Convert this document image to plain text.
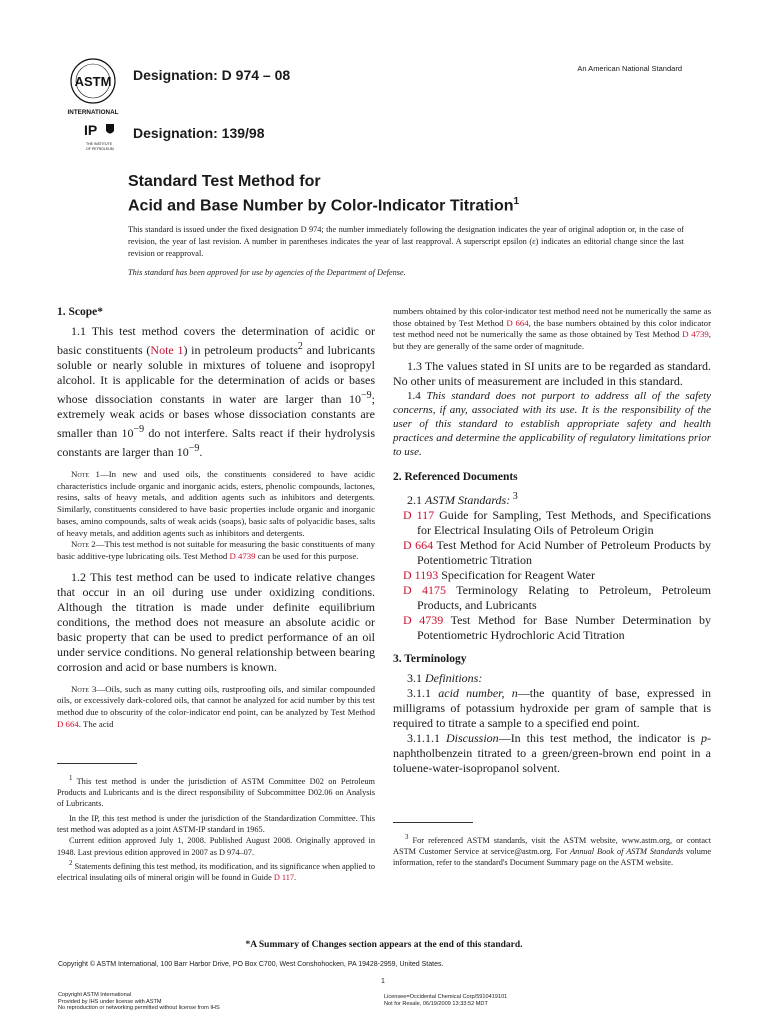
ASTM
INTERNATIONAL
Designation: D 974 – 08	An American National Standard
IP
THE INSTITUTE
OF PETROLEUM
Designation: 139/98
Standard Test Method for
Acid and Base Number by Color-Indicator Titration$^1$

This standard is issued under the fixed designation D 974; the number immediately following the designation indicates the year of original adoption or, in the case of revision, the year of last revision. A number in parentheses indicates the year of last reapproval. A superscript epsilon (ε) indicates an editorial change since the last revision or reapproval.

This standard has been approved for use by agencies of the Department of Defense.

1. Scope*

1.1 This test method covers the determination of acidic or basic constituents (Note 1) in petroleum products$^2$ and lubricants soluble or nearly soluble in mixtures of toluene and isopropyl alcohol. It is applicable for the determination of acids or bases whose dissociation constants in water are larger than $10^{-9}$; extremely weak acids or bases whose dissociation constants are smaller than $10^{-9}$ do not interfere. Salts react if their hydrolysis constants are larger than $10^{-9}$.

Note 1—In new and used oils, the constituents considered to have acidic characteristics include organic and inorganic acids, esters, phenolic compounds, lactones, resins, salts of heavy metals, and addition agents such as inhibitors and detergents. Similarly, constituents considered to have basic properties include organic and inorganic bases, amino compounds, salts of weak acids (soaps), basic salts of polyacidic bases, salts of heavy metals, and addition agents such as inhibitors and detergents.

Note 2—This test method is not suitable for measuring the basic constituents of many basic additive-type lubricating oils. Test Method D 4739 can be used for this purpose.

1.2 This test method can be used to indicate relative changes that occur in an oil during use under oxidizing conditions. Although the titration is made under definite equilibrium conditions, the method does not measure an absolute acidic or basic property that can be used to predict performance of an oil under service conditions. No general relationship between bearing corrosion and acid or base numbers is known.

Note 3—Oils, such as many cutting oils, rustproofing oils, and similar compounded oils, or excessively dark-colored oils, that cannot be analyzed for acid number by this test method due to obscurity of the color-indicator end point, can be analyzed by Test Method D 664. The acid

$^1$ This test method is under the jurisdiction of ASTM Committee D02 on Petroleum Products and Lubricants and is the direct responsibility of Subcommittee D02.06 on Analysis of Lubricants.

In the IP, this test method is under the jurisdiction of the Standardization Committee. This test method was adopted as a joint ASTM-IP standard in 1965.

Current edition approved July 1, 2008. Published August 2008. Originally approved in 1948. Last previous edition approved in 2007 as D 974–07.

$^2$ Statements defining this test method, its modification, and its significance when applied to electrical insulating oils of mineral origin will be found in Guide D 117.

numbers obtained by this color-indicator test method need not be numerically the same as those obtained by Test Method D 664, the base numbers obtained by this color indicator test method need not be numerically the same as those obtained by Test Method D 4739, but they are generally of the same order of magnitude.

1.3 The values stated in SI units are to be regarded as standard. No other units of measurement are included in this standard.

1.4 This standard does not purport to address all of the safety concerns, if any, associated with its use. It is the responsibility of the user of this standard to establish appropriate safety and health practices and determine the applicability of regulatory limitations prior to use.

2. Referenced Documents

2.1 ASTM Standards: $^3$

D 117 Guide for Sampling, Test Methods, and Specifications for Electrical Insulating Oils of Petroleum Origin

D 664 Test Method for Acid Number of Petroleum Products by Potentiometric Titration

D 1193 Specification for Reagent Water

D 4175 Terminology Relating to Petroleum, Petroleum Products, and Lubricants

D 4739 Test Method for Base Number Determination by Potentiometric Hydrochloric Acid Titration

3. Terminology

3.1 Definitions:

3.1.1 acid number, n—the quantity of base, expressed in milligrams of potassium hydroxide per gram of sample that is required to titrate a sample to a specified end point.

3.1.1.1 Discussion—In this test method, the indicator is p-naphtholbenzein titrated to a green/green-brown end point in a toluene-water-isopropanol solvent.

$^3$ For referenced ASTM standards, visit the ASTM website, www.astm.org, or contact ASTM Customer Service at service@astm.org. For Annual Book of ASTM Standards volume information, refer to the standard's Document Summary page on the ASTM website.

*A Summary of Changes section appears at the end of this standard.
Copyright © ASTM International, 100 Barr Harbor Drive, PO Box C700, West Conshohocken, PA 19428-2959, United States.
1
Copyright ASTM International
Provided by IHS under license with ASTM
No reproduction or networking permitted without license from IHS
Licensee=Occidental Chemical Corp/5910419101
Not for Resale, 06/19/2009 13:33:52 MDT
